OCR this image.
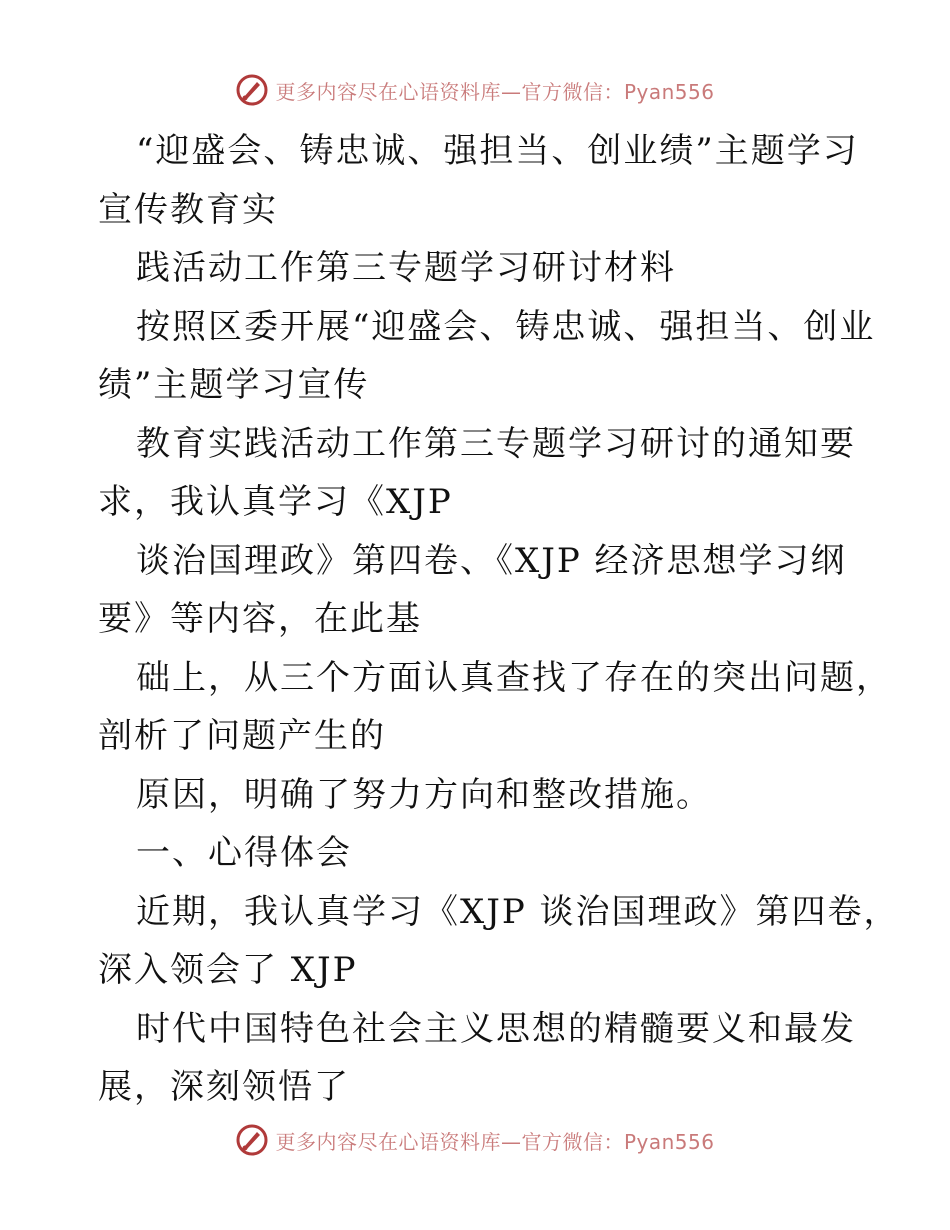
更多内容尽在心语资料库—官方微信：Pyan556
“迎盛会、铸忠诚、强担当、创业绩”主题学习
宣传教育实
践活动工作第三专题学习研讨材料
按照区委开展“迎盛会、铸忠诚、强担当、创业
绩”主题学习宣传
教育实践活动工作第三专题学习研讨的通知要
求，我认真学习《XJP
谈治国理政》第四卷、《XJP 经济思想学习纲
要》等内容，在此基
础上，从三个方面认真查找了存在的突出问题，
剖析了问题产生的
原因，明确了努力方向和整改措施。
一、心得体会
近期，我认真学习《XJP 谈治国理政》第四卷，
深入领会了 XJP
时代中国特色社会主义思想的精髓要义和最发
展，深刻领悟了
更多内容尽在心语资料库—官方微信：Pyan556
